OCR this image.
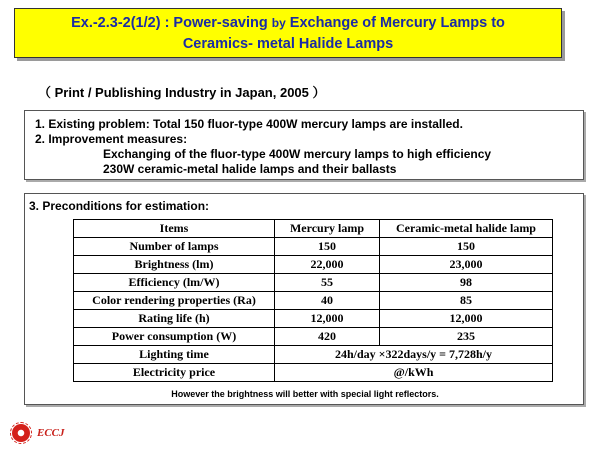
Ex.-2.3-2(1/2) : Power-saving by Exchange of Mercury Lamps to
Ceramics- metal Halide Lamps
（ Print / Publishing Industry in Japan, 2005 ）
1. Existing problem: Total 150 fluor-type 400W mercury lamps are installed.
2. Improvement measures:
Exchanging of the fluor-type 400W mercury lamps to high efficiency
230W ceramic-metal halide lamps and their ballasts
3. Preconditions for estimation:
Items	Mercury lamp	Ceramic-metal halide lamp
Number of lamps	150	150
Brightness (lm)	22,000	23,000
Efficiency (lm/W)	55	98
Color rendering properties (Ra)	40	85
Rating life (h)	12,000	12,000
Power consumption (W)	420	235
Lighting time	24h/day ×322days/y = 7,728h/y	
Electricity price	@/kWh	
However the brightness will better with special light reflectors.
ECCJ
